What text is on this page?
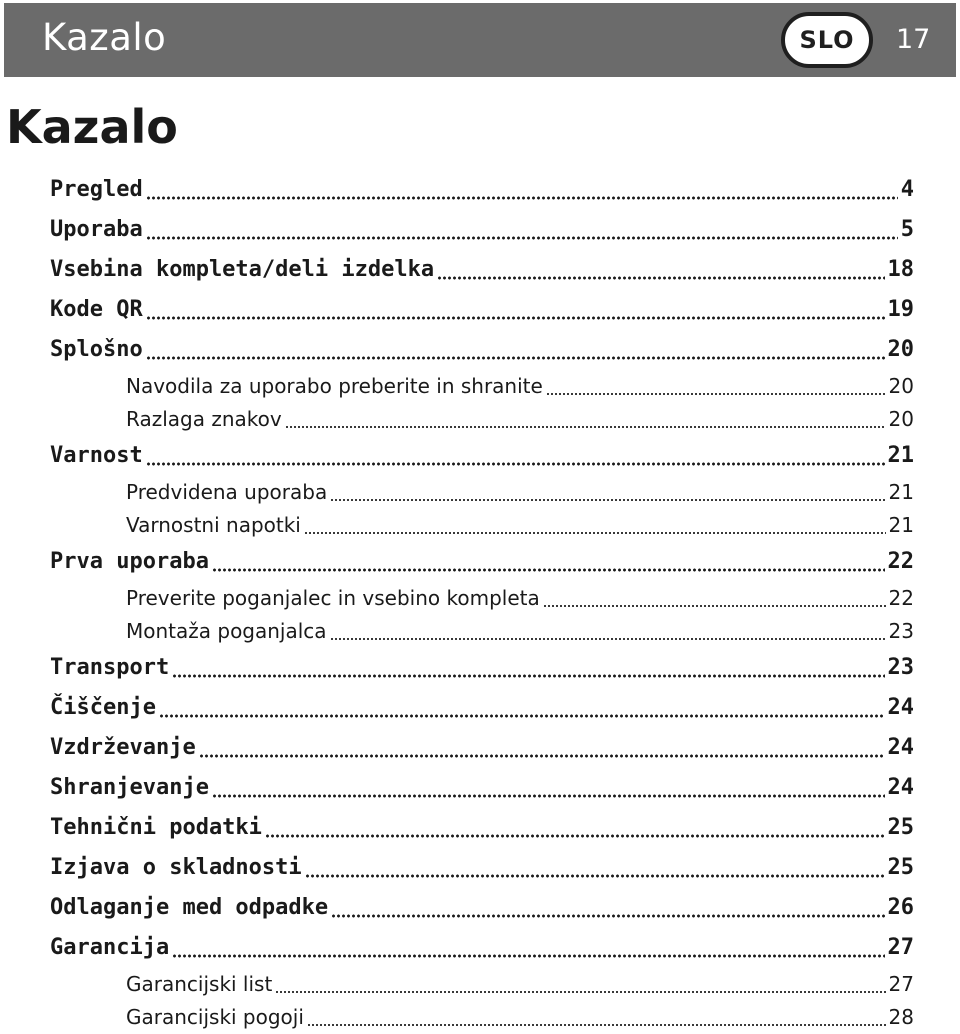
Kazalo	SLO	17
Kazalo
Pregled	4
Uporaba	5
Vsebina kompleta/deli izdelka	18
Kode QR	19
Splošno	20
Navodila za uporabo preberite in shranite	20
Razlaga znakov	20
Varnost	21
Predvidena uporaba	21
Varnostni napotki	21
Prva uporaba	22
Preverite poganjalec in vsebino kompleta	22
Montaža poganjalca	23
Transport	23
Čiščenje	24
Vzdrževanje	24
Shranjevanje	24
Tehnični podatki	25
Izjava o skladnosti	25
Odlaganje med odpadke	26
Garancija	27
Garancijski list	27
Garancijski pogoji	28
